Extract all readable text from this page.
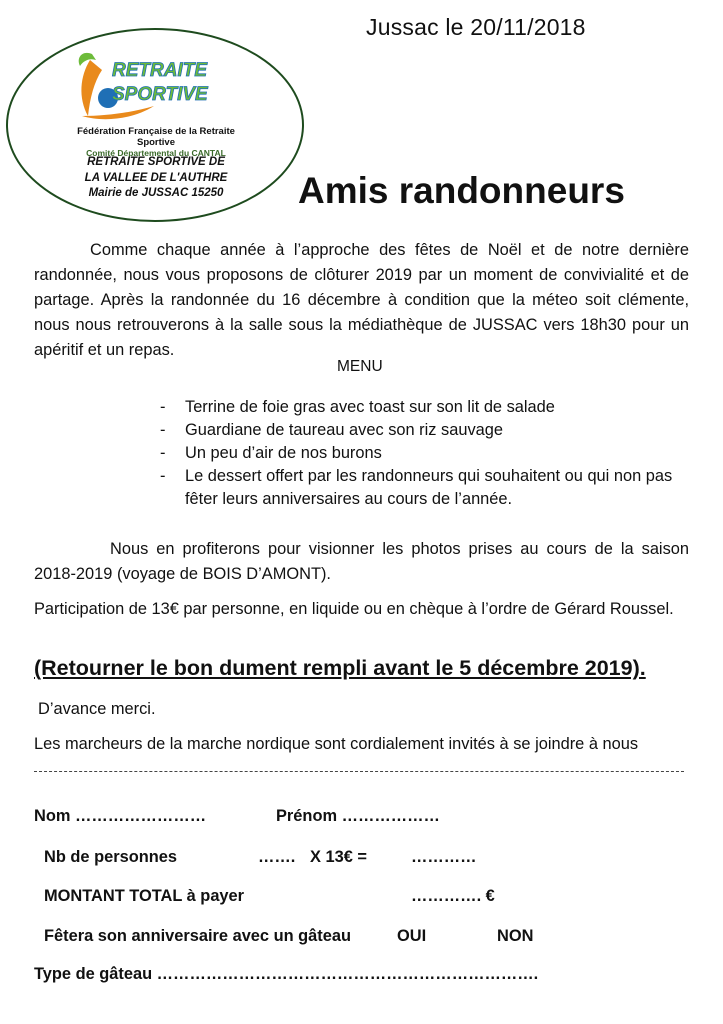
Jussac le 20/11/2018
RETRAITE
SPORTIVE
Fédération Française de la Retraite Sportive
Comité Départemental du CANTAL
RETRAITE SPORTIVE DE
LA VALLEE DE L'AUTHRE
Mairie de JUSSAC 15250	Amis randonneurs
Comme chaque année à l’approche des fêtes de Noël et de notre dernière randonnée, nous vous proposons de clôturer 2019 par un moment de convivialité et de partage. Après la randonnée du 16 décembre à condition que la méteo soit clémente, nous nous retrouverons à la salle sous la médiathèque de JUSSAC vers 18h30 pour un apéritif et un repas.
MENU
- Terrine de foie gras avec toast sur son lit de salade
- Guardiane de taureau avec son riz sauvage
- Un peu d’air de nos burons
- Le dessert offert par les randonneurs qui souhaitent ou qui non pas fêter leurs anniversaires au cours de l’année.
Nous en profiterons pour visionner les photos prises au cours de la saison 2018-2019 (voyage de BOIS D’AMONT).
Participation de 13€ par personne, en liquide ou en chèque à l’ordre de Gérard Roussel.
(Retourner le bon dument rempli avant le 5 décembre 2019).
D’avance merci.
Les marcheurs de la marche nordique sont cordialement invités à se joindre à nous
Nom ……………………	Prénom ………………
Nb de personnes	……. X 13€ =	…………
MONTANT TOTAL à payer	…………. €
Fêtera son anniversaire avec un gâteau	OUI	NON
Type de gâteau …………………………………………………………….
